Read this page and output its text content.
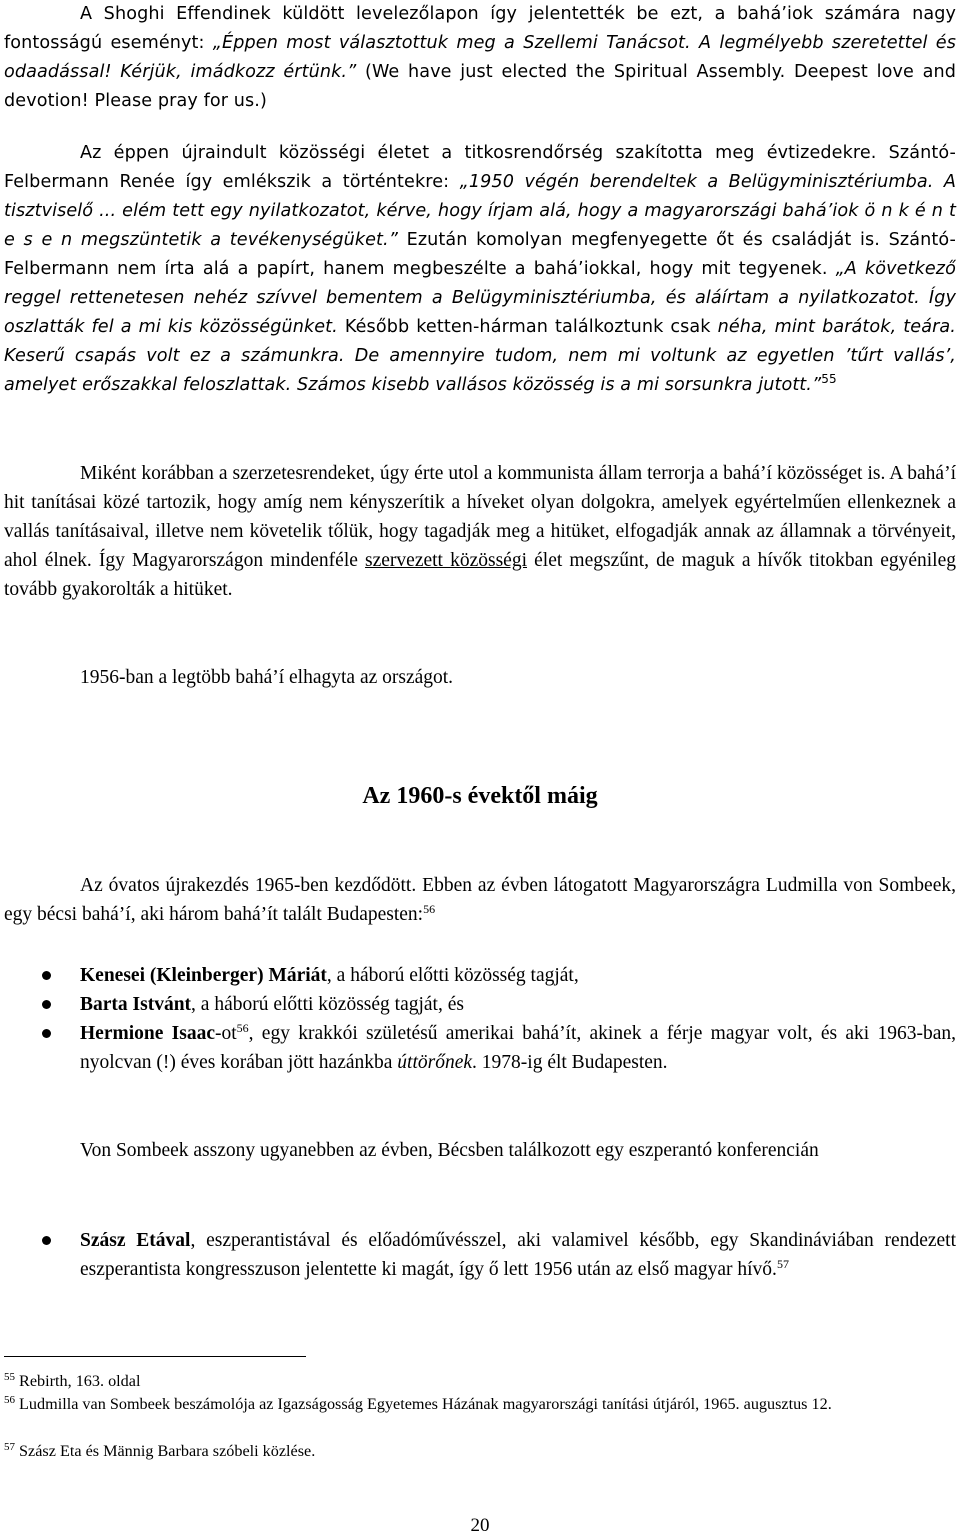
A Shoghi Effendinek küldött levelezőlapon így jelentették be ezt, a bahá’iok számára nagy fontosságú eseményt: „Éppen most választottuk meg a Szellemi Tanácsot. A legmélyebb szeretettel és odaadással! Kérjük, imádkozz értünk.” (We have just elected the Spiritual Assembly. Deepest love and devotion! Please pray for us.)

Az éppen újraindult közösségi életet a titkosrendőrség szakította meg évtizedekre. Szántó-Felbermann Renée így emlékszik a történtekre: „1950 végén berendeltek a Belügyminisztériumba. A tisztviselő ... elém tett egy nyilatkozatot, kérve, hogy írjam alá, hogy a magyarországi bahá’iok ö n k é n t e s e n megszüntetik a tevékenységüket.” Ezután komolyan megfenyegette őt és családját is. Szántó-Felbermann nem írta alá a papírt, hanem megbeszélte a bahá’iokkal, hogy mit tegyenek. „A következő reggel rettenetesen nehéz szívvel bementem a Belügyminisztériumba, és aláírtam a nyilatkozatot. Így oszlatták fel a mi kis közösségünket. Később ketten-hárman találkoztunk csak néha, mint barátok, teára. Keserű csapás volt ez a számunkra. De amennyire tudom, nem mi voltunk az egyetlen ’tűrt vallás’, amelyet erőszakkal feloszlattak. Számos kisebb vallásos közösség is a mi sorsunkra jutott.”$^{55}$

Miként korábban a szerzetesrendeket, úgy érte utol a kommunista állam terrorja a bahá’í közösséget is. A bahá’í hit tanításai közé tartozik, hogy amíg nem kényszerítik a híveket olyan dolgokra, amelyek egyértelműen ellenkeznek a vallás tanításaival, illetve nem követelik tőlük, hogy tagadják meg a hitüket, elfogadják annak az államnak a törvényeit, ahol élnek. Így Magyarországon mindenféle szervezett közösségi élet megszűnt, de maguk a hívők titokban egyénileg tovább gyakorolták a hitüket.

1956-ban a legtöbb bahá’í elhagyta az országot.

Az 1960-s évektől máig

Az óvatos újrakezdés 1965-ben kezdődött. Ebben az évben látogatott Magyarországra Ludmilla von Sombeek, egy bécsi bahá’í, aki három bahá’ít talált Budapesten:$^{56}$

Kenesei (Kleinberger) Máriát, a háború előtti közösség tagját,
Barta Istvánt, a háború előtti közösség tagját, és
Hermione Isaac-$ot^{56}$, egy krakkói születésű amerikai bahá’ít, akinek a férje magyar volt, és aki 1963-ban, nyolcvan (!) éves korában jött hazánkba úttörőnek. 1978-ig élt Budapesten.

Von Sombeek asszony ugyanebben az évben, Bécsben találkozott egy eszperantó konferencián

Szász Etával, eszperantistával és előadóművésszel, aki valamivel később, egy Skandináviában rendezett eszperantista kongresszuson jelentette ki magát, így ő lett 1956 után az első magyar hívő.$^{57}$
$^{55}$ Rebirth, 163. oldal
$^{56}$ Ludmilla van Sombeek beszámolója az Igazságosság Egyetemes Házának magyarországi tanítási útjáról, 1965. augusztus 12.
$^{57}$ Szász Eta és Männig Barbara szóbeli közlése.
20
